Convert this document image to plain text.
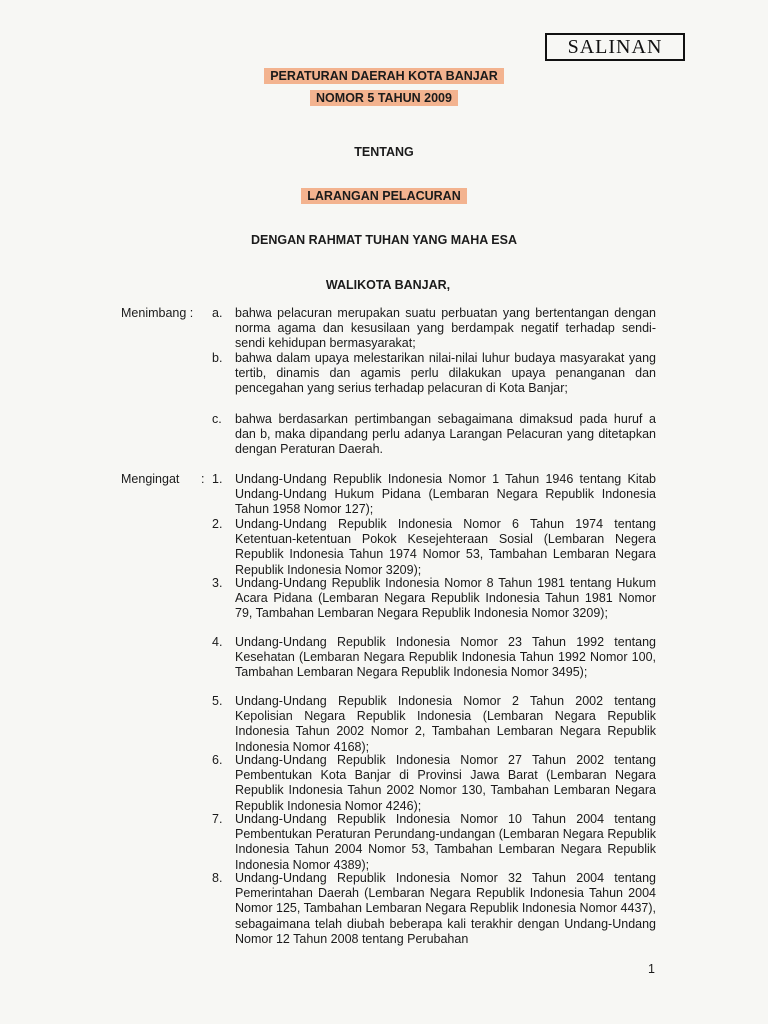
SALINAN
PERATURAN DAERAH KOTA BANJAR
NOMOR 5 TAHUN 2009
TENTANG
LARANGAN PELACURAN
DENGAN RAHMAT TUHAN YANG MAHA ESA
WALIKOTA BANJAR,
Menimbang : a. bahwa pelacuran merupakan suatu perbuatan yang bertentangan dengan norma agama dan kesusilaan yang berdampak negatif terhadap sendi-sendi kehidupan bermasyarakat;
b. bahwa dalam upaya melestarikan nilai-nilai luhur budaya masyarakat yang tertib, dinamis dan agamis perlu dilakukan upaya penanganan dan pencegahan yang serius terhadap pelacuran di Kota Banjar;
c. bahwa berdasarkan pertimbangan sebagaimana dimaksud pada huruf a dan b, maka dipandang perlu adanya Larangan Pelacuran yang ditetapkan dengan Peraturan Daerah.
Mengingat : 1. Undang-Undang Republik Indonesia Nomor 1 Tahun 1946 tentang Kitab Undang-Undang Hukum Pidana (Lembaran Negara Republik Indonesia Tahun 1958 Nomor 127);
2. Undang-Undang Republik Indonesia Nomor 6 Tahun 1974 tentang Ketentuan-ketentuan Pokok Kesejehteraan Sosial (Lembaran Negera Republik Indonesia Tahun 1974 Nomor 53, Tambahan Lembaran Negara Republik Indonesia Nomor 3209);
3. Undang-Undang Republik Indonesia Nomor 8 Tahun 1981 tentang Hukum Acara Pidana (Lembaran Negara Republik Indonesia Tahun 1981 Nomor 79, Tambahan Lembaran Negara Republik Indonesia Nomor 3209);
4. Undang-Undang Republik Indonesia Nomor 23 Tahun 1992 tentang Kesehatan (Lembaran Negara Republik Indonesia Tahun 1992 Nomor 100, Tambahan Lembaran Negara Republik Indonesia Nomor 3495);
5. Undang-Undang Republik Indonesia Nomor 2 Tahun 2002 tentang Kepolisian Negara Republik Indonesia (Lembaran Negara Republik Indonesia Tahun 2002 Nomor 2, Tambahan Lembaran Negara Republik Indonesia Nomor 4168);
6. Undang-Undang Republik Indonesia Nomor 27 Tahun 2002 tentang Pembentukan Kota Banjar di Provinsi Jawa Barat (Lembaran Negara Republik Indonesia Tahun 2002 Nomor 130, Tambahan Lembaran Negara Republik Indonesia Nomor 4246);
7. Undang-Undang Republik Indonesia Nomor 10 Tahun 2004 tentang Pembentukan Peraturan Perundang-undangan (Lembaran Negara Republik Indonesia Tahun 2004 Nomor 53, Tambahan Lembaran Negara Republik Indonesia Nomor 4389);
8. Undang-Undang Republik Indonesia Nomor 32 Tahun 2004 tentang Pemerintahan Daerah (Lembaran Negara Republik Indonesia Tahun 2004 Nomor 125, Tambahan Lembaran Negara Republik Indonesia Nomor 4437), sebagaimana telah diubah beberapa kali terakhir dengan Undang-Undang Nomor 12 Tahun 2008 tentang Perubahan
1
